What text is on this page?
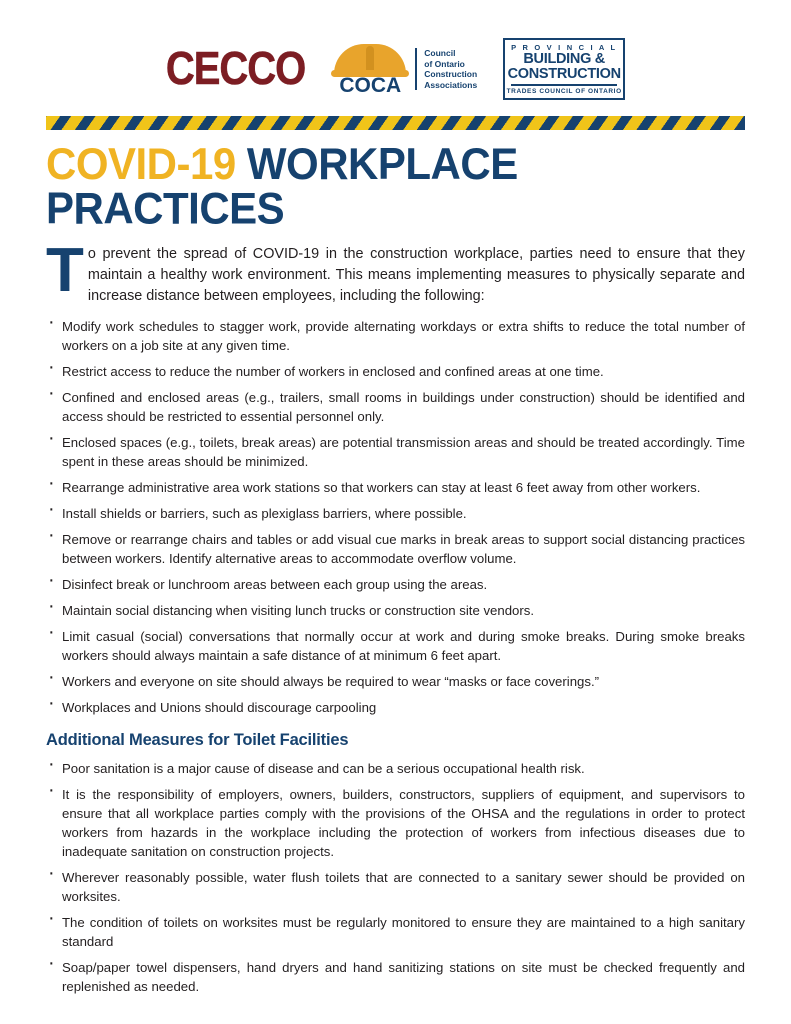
CECCO	COCA
Council
of Ontario
Construction
Associations
P R O V I N C I A L
BUILDING &
CONSTRUCTION
TRADES COUNCIL OF ONTARIO
COVID-19 WORKPLACE PRACTICES

To prevent the spread of COVID-19 in the construction workplace, parties need to ensure that they maintain a healthy work environment. This means implementing measures to physically separate and increase distance between employees, including the following:

· Modify work schedules to stagger work, provide alternating workdays or extra shifts to reduce the total number of workers on a job site at any given time.
· Restrict access to reduce the number of workers in enclosed and confined areas at one time.
· Confined and enclosed areas (e.g., trailers, small rooms in buildings under construction) should be identified and access should be restricted to essential personnel only.
· Enclosed spaces (e.g., toilets, break areas) are potential transmission areas and should be treated accordingly. Time spent in these areas should be minimized.
· Rearrange administrative area work stations so that workers can stay at least 6 feet away from other workers.
· Install shields or barriers, such as plexiglass barriers, where possible.
· Remove or rearrange chairs and tables or add visual cue marks in break areas to support social distancing practices between workers. Identify alternative areas to accommodate overflow volume.
· Disinfect break or lunchroom areas between each group using the areas.
· Maintain social distancing when visiting lunch trucks or construction site vendors.
· Limit casual (social) conversations that normally occur at work and during smoke breaks. During smoke breaks workers should always maintain a safe distance of at minimum 6 feet apart.
· Workers and everyone on site should always be required to wear “masks or face coverings.”
· Workplaces and Unions should discourage carpooling
Additional Measures for Toilet Facilities
· Poor sanitation is a major cause of disease and can be a serious occupational health risk.
· It is the responsibility of employers, owners, builders, constructors, suppliers of equipment, and supervisors to ensure that all workplace parties comply with the provisions of the OHSA and the regulations in order to protect workers from hazards in the workplace including the protection of workers from infectious diseases due to inadequate sanitation on construction projects.
· Wherever reasonably possible, water flush toilets that are connected to a sanitary sewer should be provided on worksites.
· The condition of toilets on worksites must be regularly monitored to ensure they are maintained to a high sanitary standard
· Soap/paper towel dispensers, hand dryers and hand sanitizing stations on site must be checked frequently and replenished as needed.
